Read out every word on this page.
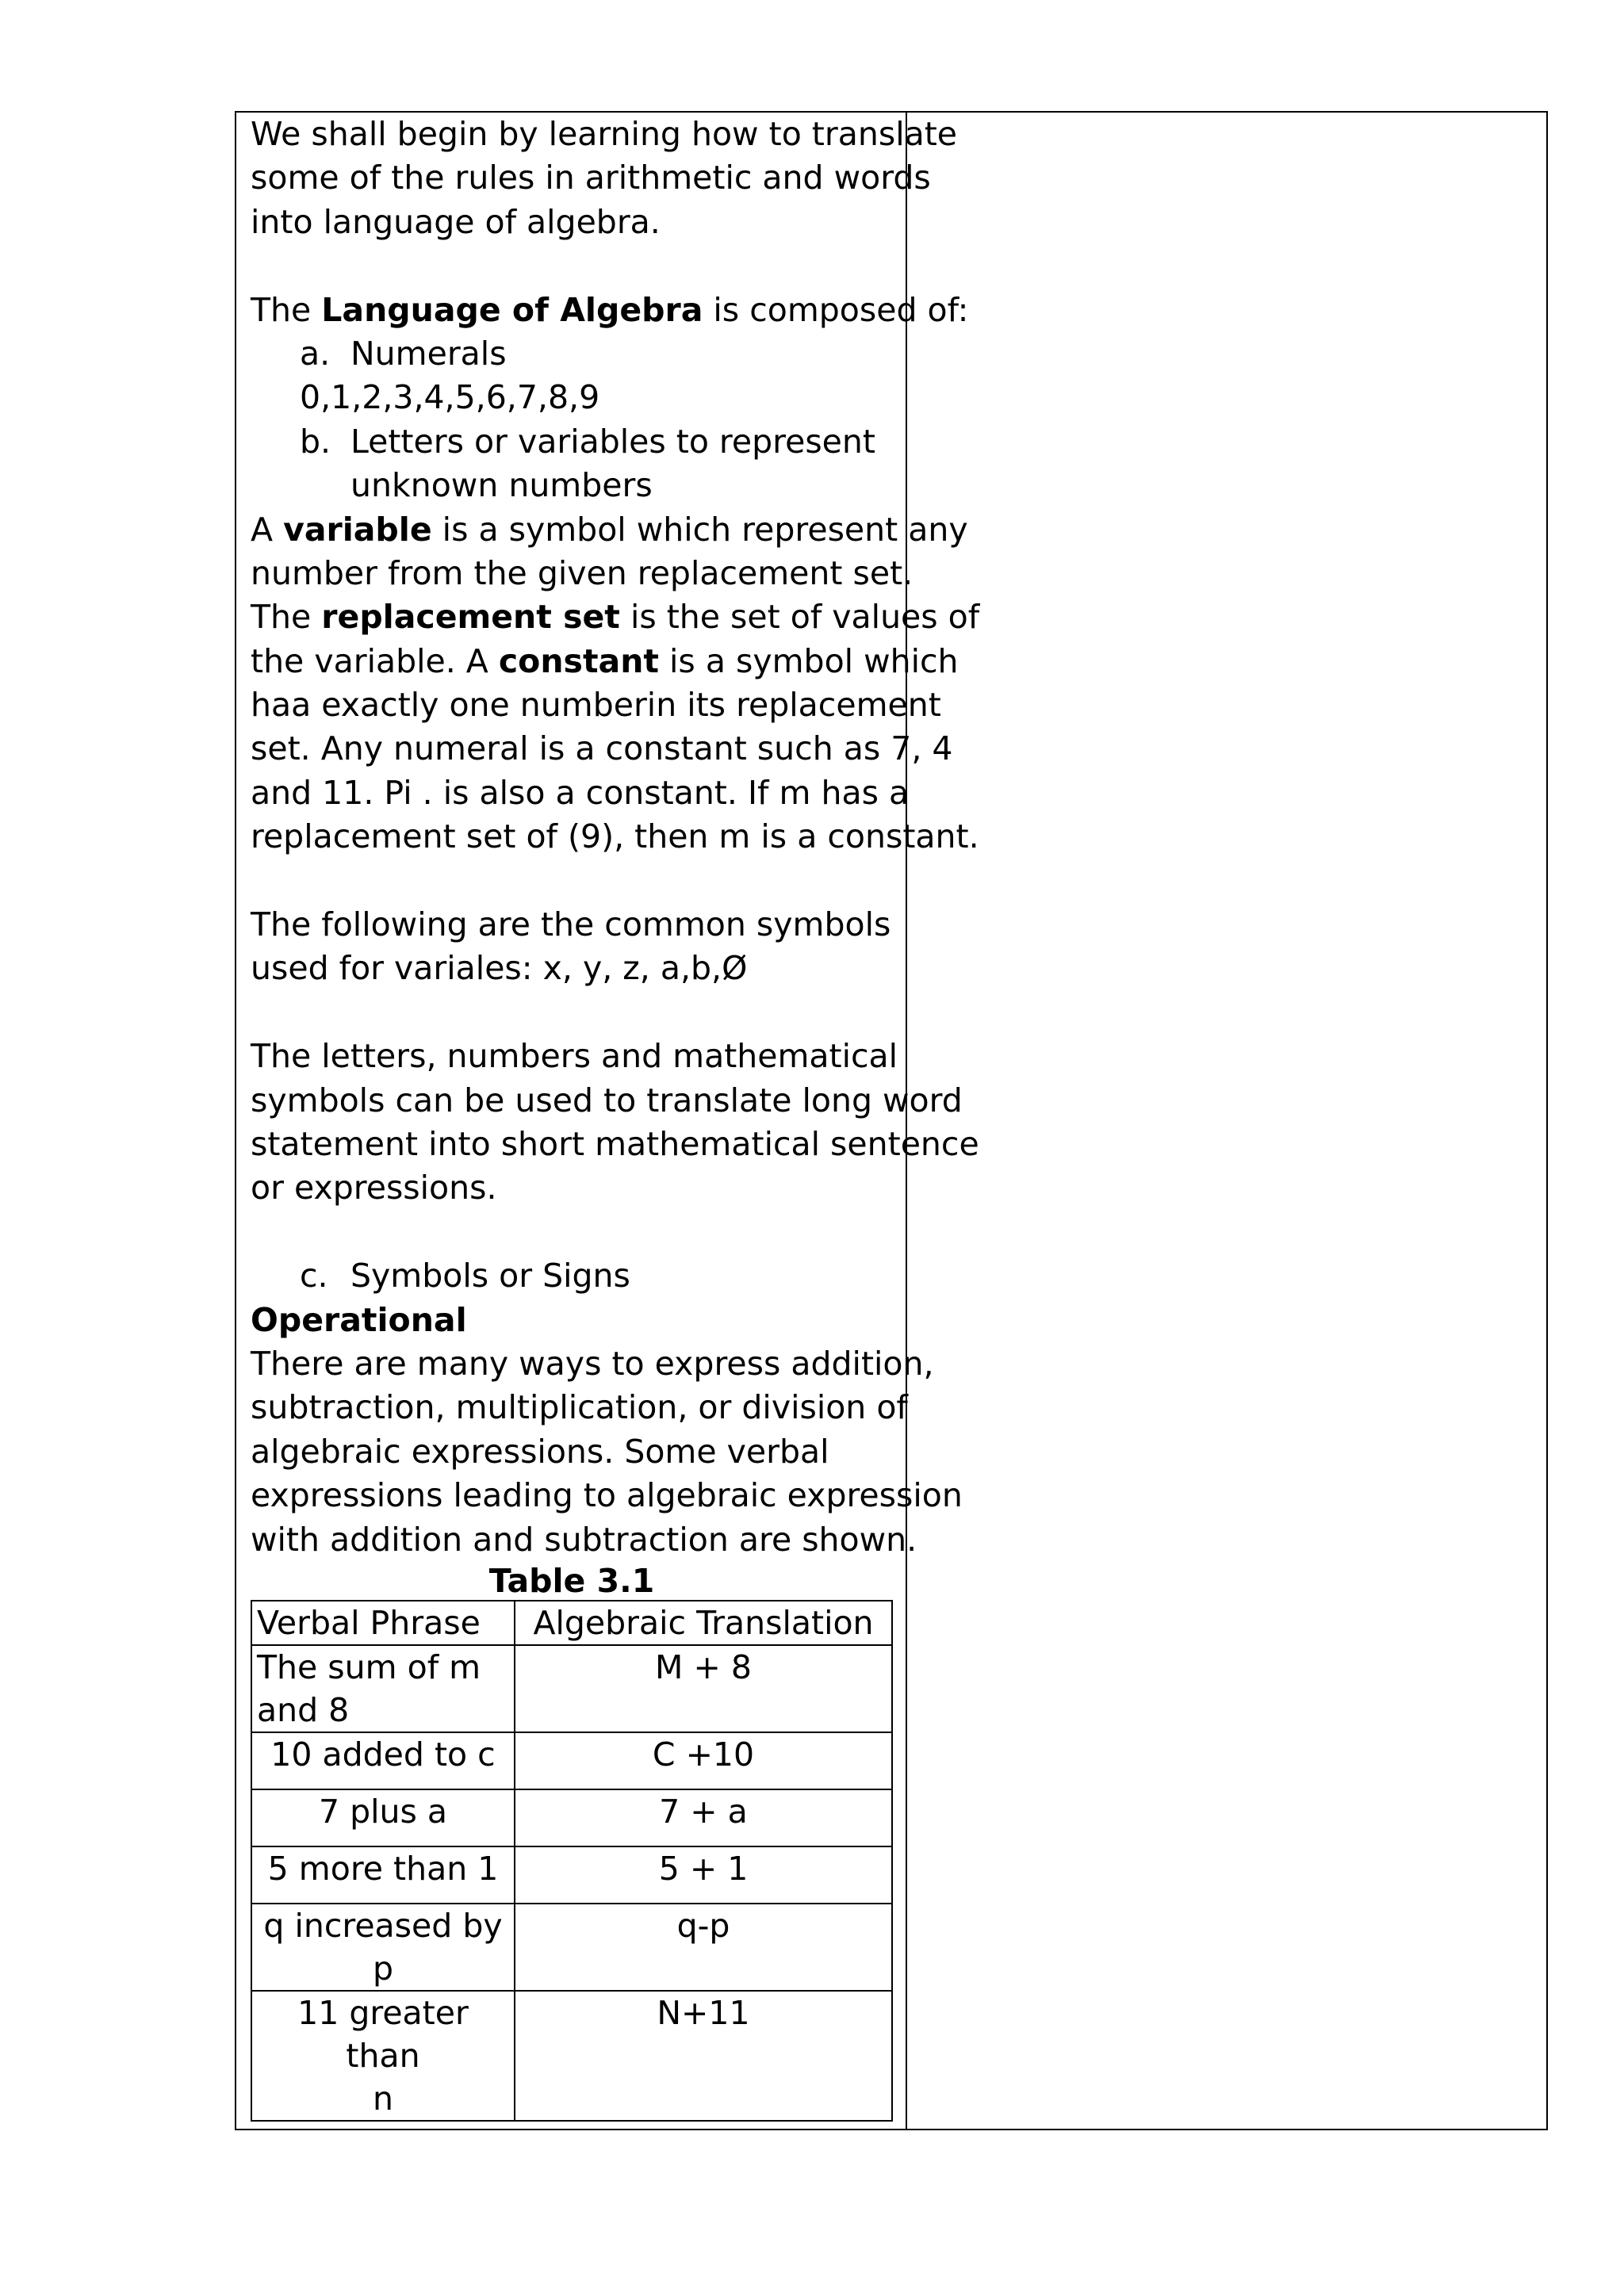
We shall begin by learning how to translate
some of the rules in arithmetic and words
into language of algebra.
The Language of Algebra is composed of:
a. Numerals
0,1,2,3,4,5,6,7,8,9
b. Letters or variables to represent
unknown numbers
A variable is a symbol which represent any
number from the given replacement set.
The replacement set is the set of values of
the variable. A constant is a symbol which
haa exactly one numberin its replacement
set. Any numeral is a constant such as 7, 4
and 11. Pi . is also a constant. If m has a
replacement set of (9), then m is a constant.
The following are the common symbols
used for variales: x, y, z, a,b,Ø
The letters, numbers and mathematical
symbols can be used to translate long word
statement into short mathematical sentence
or expressions.
c. Symbols or Signs
Operational
There are many ways to express addition,
subtraction, multiplication, or division of
algebraic expressions. Some verbal
expressions leading to algebraic expression
with addition and subtraction are shown.
Table 3.1
Verbal Phrase	Algebraic Translation
The sum of m
and 8	M + 8
10 added to c	C +10
7 plus a	7 + a
5 more than 1	5 + 1
q increased by
p	q-p
11 greater than
n	N+11
